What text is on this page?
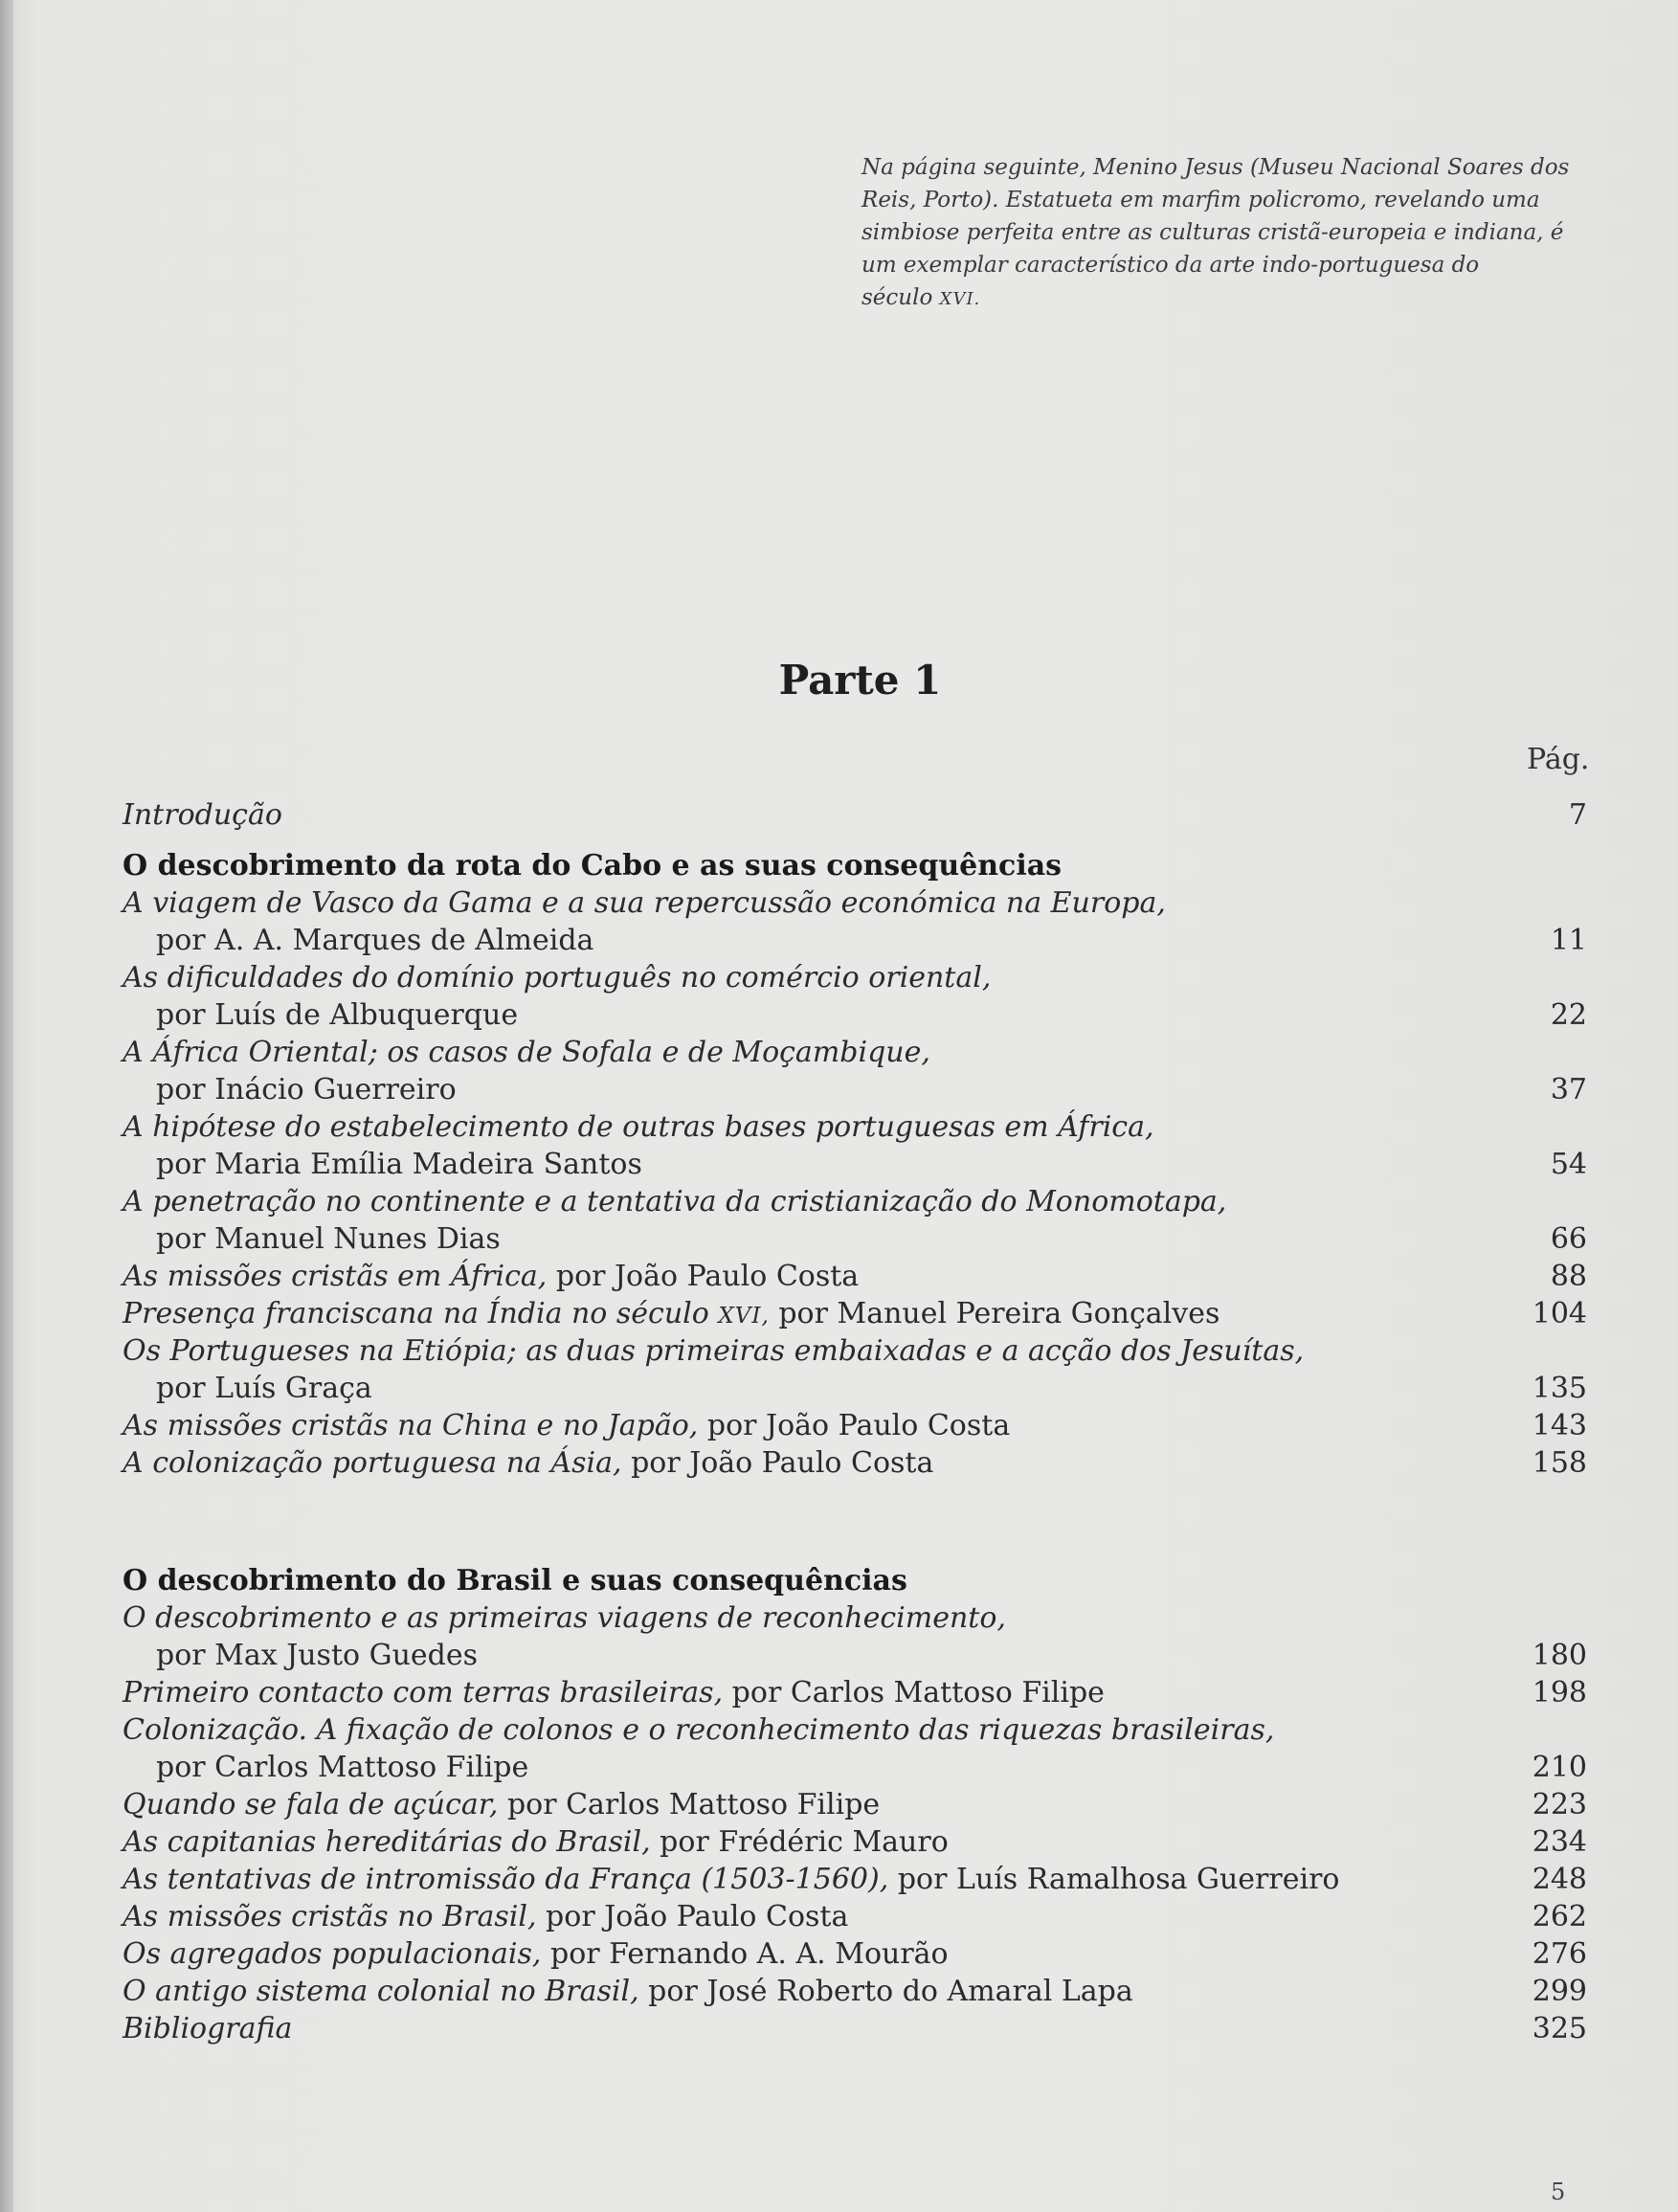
Na página seguinte, Menino Jesus (Museu Nacional Soares dos
Reis, Porto). Estatueta em marfim policromo, revelando uma
simbiose perfeita entre as culturas cristã-europeia e indiana, é
um exemplar característico da arte indo-portuguesa do
século XVI.
Parte 1
Pág.
Introdução	7
O descobrimento da rota do Cabo e as suas consequências
A viagem de Vasco da Gama e a sua repercussão económica na Europa,
por A. A. Marques de Almeida	11
As dificuldades do domínio português no comércio oriental,
por Luís de Albuquerque	22
A África Oriental; os casos de Sofala e de Moçambique,
por Inácio Guerreiro	37
A hipótese do estabelecimento de outras bases portuguesas em África,
por Maria Emília Madeira Santos	54
A penetração no continente e a tentativa da cristianização do Monomotapa,
por Manuel Nunes Dias	66
As missões cristãs em África, por João Paulo Costa	88
Presença franciscana na Índia no século XVI, por Manuel Pereira Gonçalves	104
Os Portugueses na Etiópia; as duas primeiras embaixadas e a acção dos Jesuítas,
por Luís Graça	135
As missões cristãs na China e no Japão, por João Paulo Costa	143
A colonização portuguesa na Ásia, por João Paulo Costa	158
O descobrimento do Brasil e suas consequências
O descobrimento e as primeiras viagens de reconhecimento,
por Max Justo Guedes	180
Primeiro contacto com terras brasileiras, por Carlos Mattoso Filipe	198
Colonização. A fixação de colonos e o reconhecimento das riquezas brasileiras,
por Carlos Mattoso Filipe	210
Quando se fala de açúcar, por Carlos Mattoso Filipe	223
As capitanias hereditárias do Brasil, por Frédéric Mauro	234
As tentativas de intromissão da França (1503-1560), por Luís Ramalhosa Guerreiro	248
As missões cristãs no Brasil, por João Paulo Costa	262
Os agregados populacionais, por Fernando A. A. Mourão	276
O antigo sistema colonial no Brasil, por José Roberto do Amaral Lapa	299
Bibliografia	325
5
